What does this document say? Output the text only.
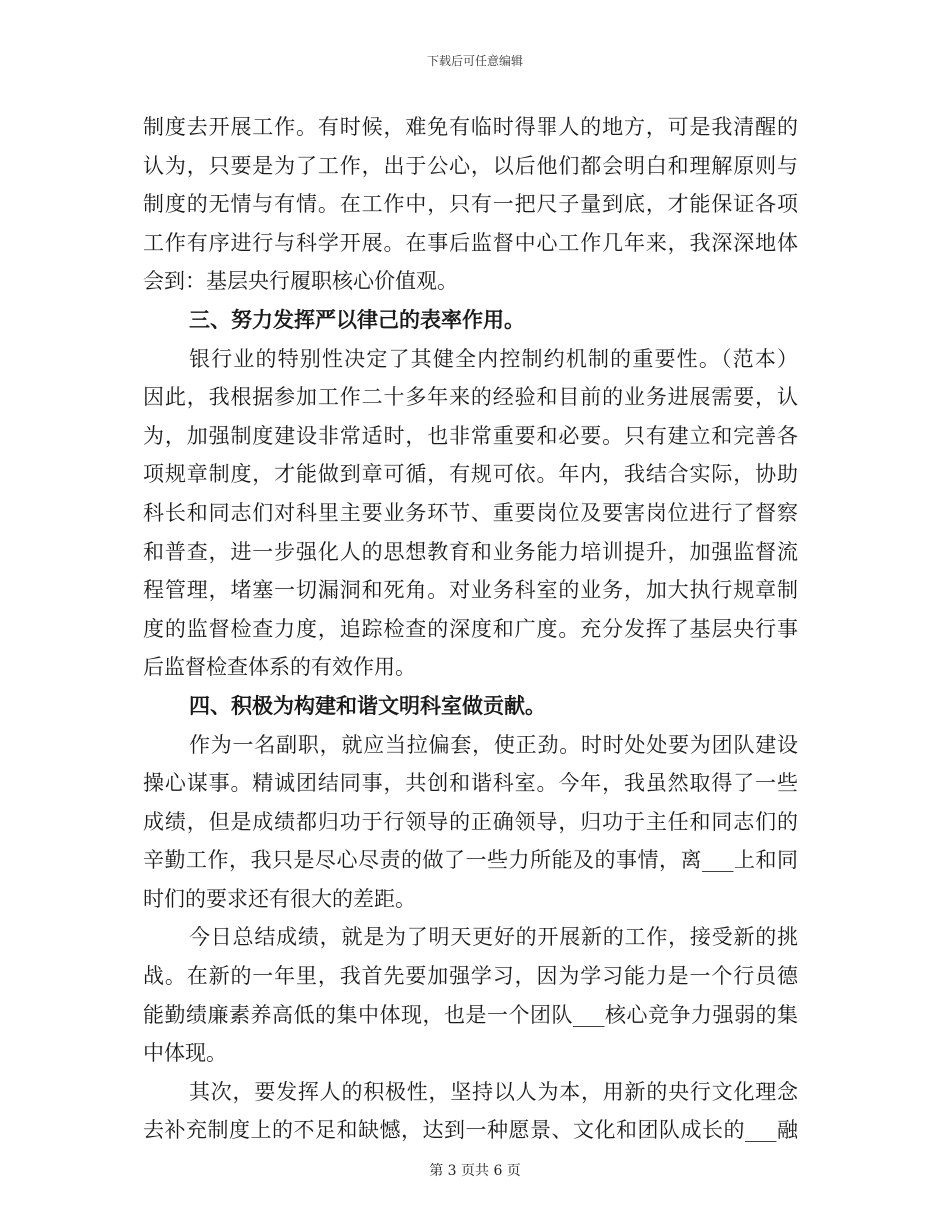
下载后可任意编辑
制度去开展工作。有时候，难免有临时得罪人的地方，可是我清醒的
认为，只要是为了工作，出于公心，以后他们都会明白和理解原则与
制度的无情与有情。在工作中，只有一把尺子量到底，才能保证各项
工作有序进行与科学开展。在事后监督中心工作几年来，我深深地体
会到：基层央行履职核心价值观。
三、努力发挥严以律己的表率作用。
银行业的特别性决定了其健全内控制约机制的重要性。（范本）
因此，我根据参加工作二十多年来的经验和目前的业务进展需要，认
为，加强制度建设非常适时，也非常重要和必要。只有建立和完善各
项规章制度，才能做到章可循，有规可依。年内，我结合实际，协助
科长和同志们对科里主要业务环节、重要岗位及要害岗位进行了督察
和普查，进一步强化人的思想教育和业务能力培训提升，加强监督流
程管理，堵塞一切漏洞和死角。对业务科室的业务，加大执行规章制
度的监督检查力度，追踪检查的深度和广度。充分发挥了基层央行事
后监督检查体系的有效作用。
四、积极为构建和谐文明科室做贡献。
作为一名副职，就应当拉偏套，使正劲。时时处处要为团队建设
操心谋事。精诚团结同事，共创和谐科室。今年，我虽然取得了一些
成绩，但是成绩都归功于行领导的正确领导，归功于主任和同志们的
辛勤工作，我只是尽心尽责的做了一些力所能及的事情，离___上和同
时们的要求还有很大的差距。
今日总结成绩，就是为了明天更好的开展新的工作，接受新的挑
战。在新的一年里，我首先要加强学习，因为学习能力是一个行员德
能勤绩廉素养高低的集中体现，也是一个团队___核心竞争力强弱的集
中体现。
其次，要发挥人的积极性，坚持以人为本，用新的央行文化理念
去补充制度上的不足和缺憾，达到一种愿景、文化和团队成长的___融
第 3 页共 6 页
